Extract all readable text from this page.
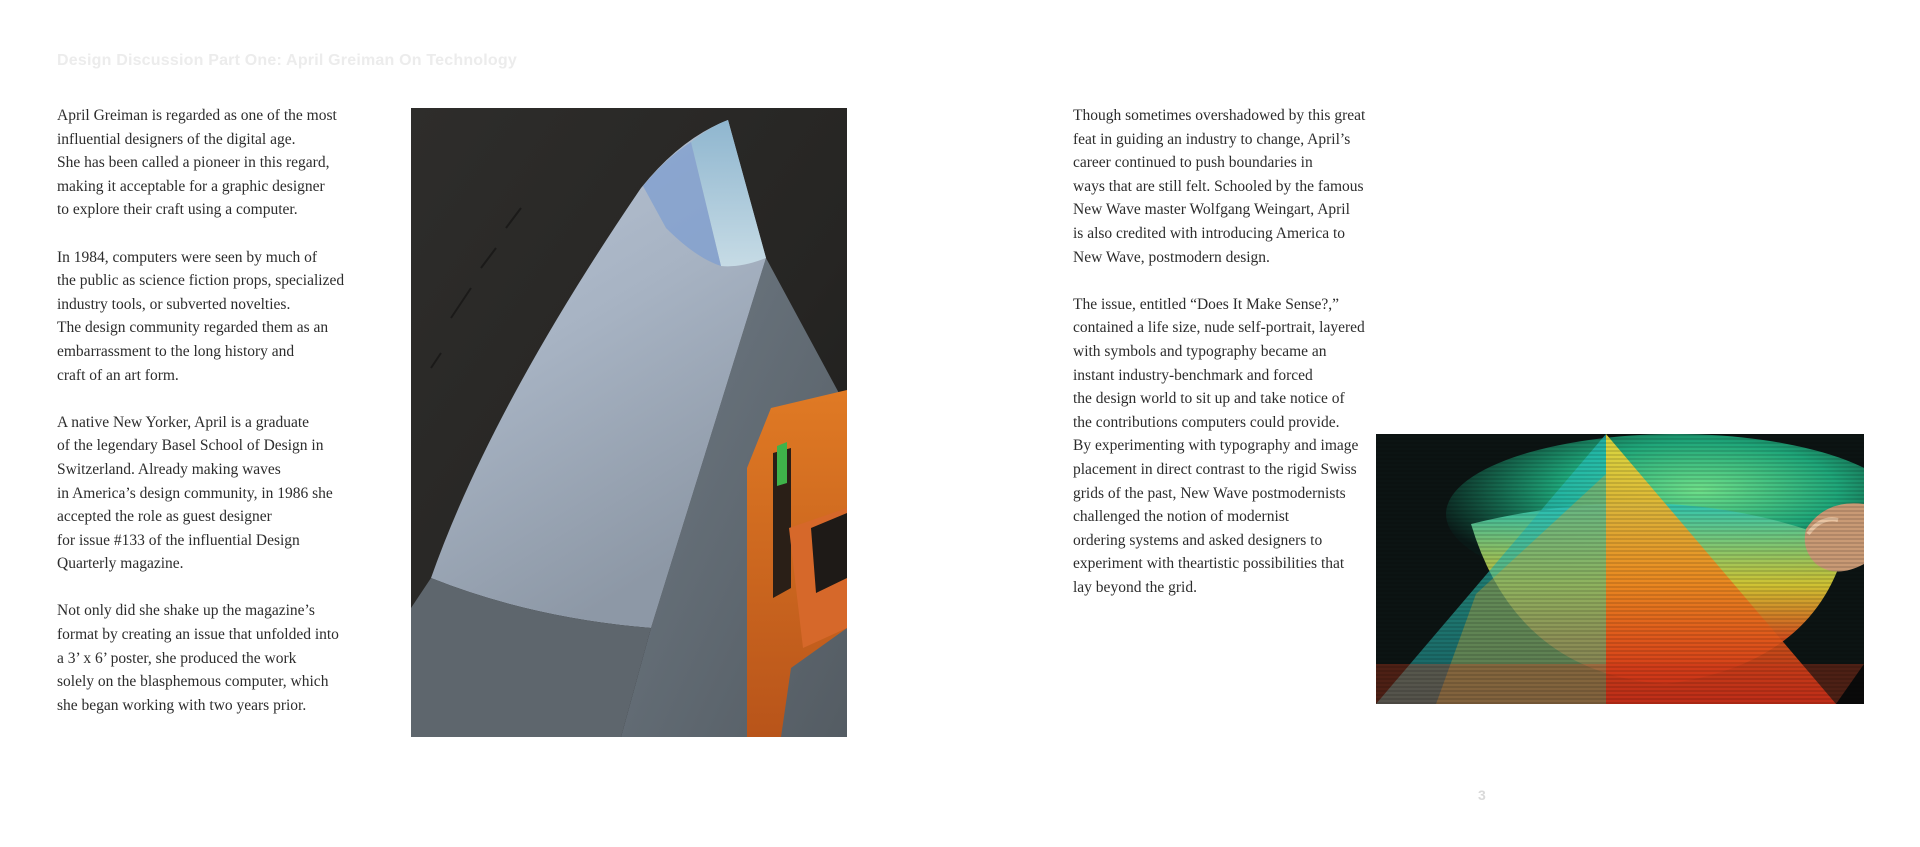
Design Discussion Part One: April Greiman On Technology

April Greiman is regarded as one of the most
influential designers of the digital age.
She has been called a pioneer in this regard,
making it acceptable for a graphic designer
to explore their craft using a computer.

In 1984, computers were seen by much of
the public as science fiction props, specialized
industry tools, or subverted novelties.
The design community regarded them as an
embarrassment to the long history and
craft of an art form.

A native New Yorker, April is a graduate
of the legendary Basel School of Design in
Switzerland. Already making waves
in America’s design community, in 1986 she
accepted the role as guest designer
for issue #133 of the influential Design
Quarterly magazine.

Not only did she shake up the magazine’s
format by creating an issue that unfolded into
a 3’ x 6’ poster, she produced the work
solely on the blasphemous computer, which
she began working with two years prior.

Though sometimes overshadowed by this great
feat in guiding an industry to change, April’s
career continued to push boundaries in
ways that are still felt. Schooled by the famous
New Wave master Wolfgang Weingart, April
is also credited with introducing America to
New Wave, postmodern design.

The issue, entitled “Does It Make Sense?,”
contained a life size, nude self-portrait, layered
with symbols and typography became an
instant industry-benchmark and forced
the design world to sit up and take notice of
the contributions computers could provide.
By experimenting with typography and image
placement in direct contrast to the rigid Swiss
grids of the past, New Wave postmodernists
challenged the notion of modernist
ordering systems and asked designers to
experiment with theartistic possibilities that
lay beyond the grid.

3
